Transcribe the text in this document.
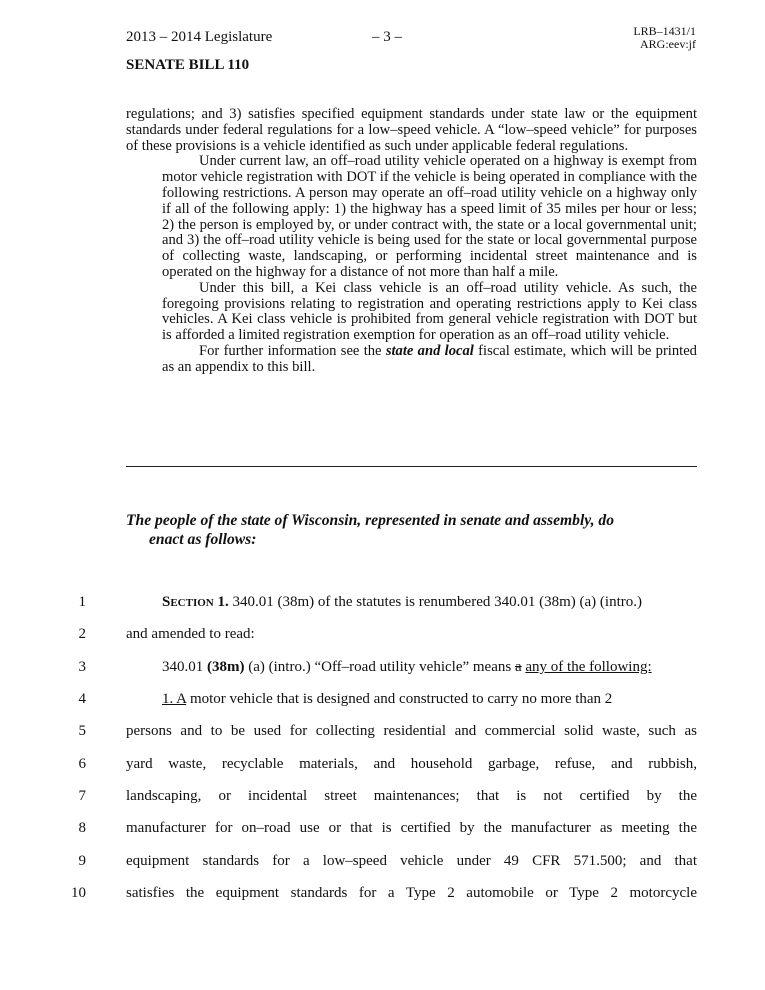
2013 – 2014 Legislature	– 3 –	LRB–1431/1
ARG:eev:jf
SENATE BILL 110

regulations; and 3) satisfies specified equipment standards under state law or the equipment standards under federal regulations for a low–speed vehicle. A “low–speed vehicle” for purposes of these provisions is a vehicle identified as such under applicable federal regulations.

Under current law, an off–road utility vehicle operated on a highway is exempt from motor vehicle registration with DOT if the vehicle is being operated in compliance with the following restrictions. A person may operate an off–road utility vehicle on a highway only if all of the following apply: 1) the highway has a speed limit of 35 miles per hour or less; 2) the person is employed by, or under contract with, the state or a local governmental unit; and 3) the off–road utility vehicle is being used for the state or local governmental purpose of collecting waste, landscaping, or performing incidental street maintenance and is operated on the highway for a distance of not more than half a mile.

Under this bill, a Kei class vehicle is an off–road utility vehicle. As such, the foregoing provisions relating to registration and operating restrictions apply to Kei class vehicles. A Kei class vehicle is prohibited from general vehicle registration with DOT but is afforded a limited registration exemption for operation as an off–road utility vehicle.

For further information see the state and local fiscal estimate, which will be printed as an appendix to this bill.

The people of the state of Wisconsin, represented in senate and assembly, do
enact as follows:
1
2
3
4
5
6
7
8
9
10
Section 1. 340.01 (38m) of the statutes is renumbered 340.01 (38m) (a) (intro.)
and amended to read:
340.01 (38m) (a) (intro.) “Off–road utility vehicle” means a any of the following:
1. A motor vehicle that is designed and constructed to carry no more than 2
persons and to be used for collecting residential and commercial solid waste, such as
yard waste, recyclable materials, and household garbage, refuse, and rubbish,
landscaping, or incidental street maintenances; that is not certified by the
manufacturer for on–road use or that is certified by the manufacturer as meeting the
equipment standards for a low–speed vehicle under 49 CFR 571.500; and that
satisfies the equipment standards for a Type 2 automobile or Type 2 motorcycle
